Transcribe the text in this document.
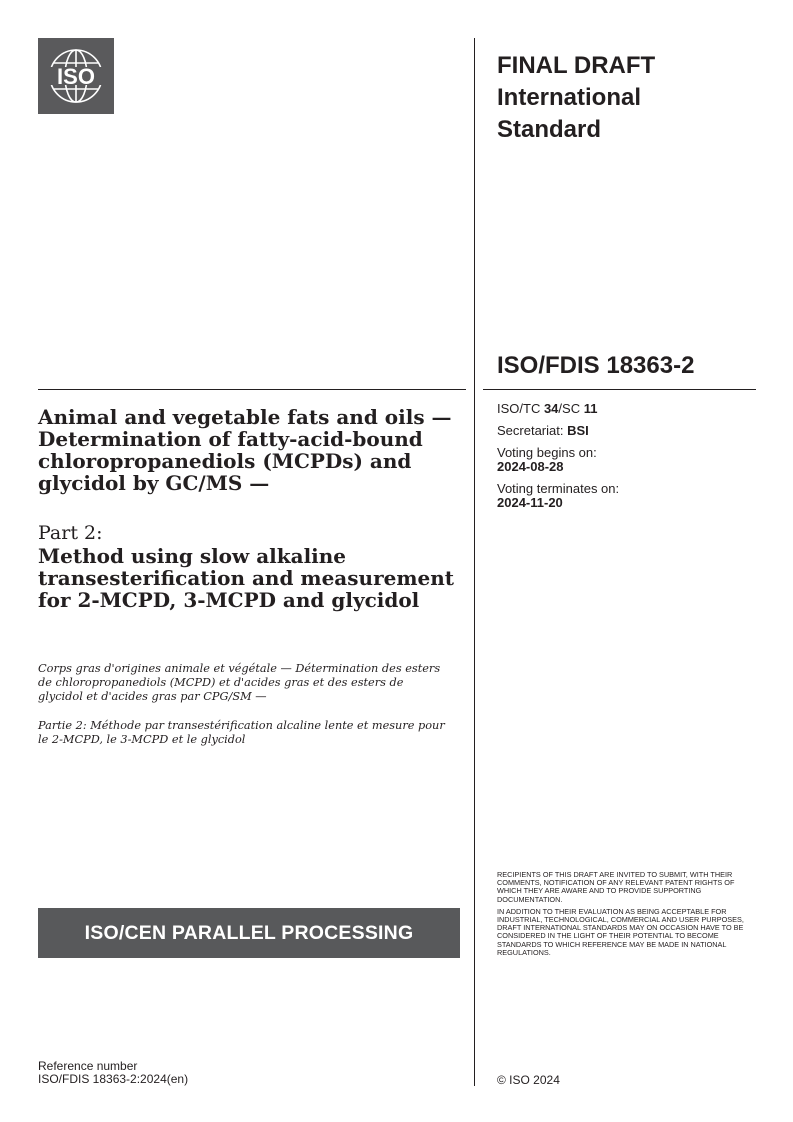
ISO	FINAL DRAFT
International
Standard

ISO/FDIS 18363-2

Animal and vegetable fats and oils — Determination of fatty-acid-bound chloropropanediols (MCPDs) and glycidol by GC/MS —

Part 2:

Method using slow alkaline transesterification and measurement for 2-MCPD, 3-MCPD and glycidol

Corps gras d'origines animale et végétale — Détermination des esters de chloropropanediols (MCPD) et d'acides gras et des esters de glycidol et d'acides gras par CPG/SM —

Partie 2: Méthode par transestérification alcaline lente et mesure pour le 2-MCPD, le 3-MCPD et le glycidol

ISO/TC 34/SC 11

Secretariat: BSI

Voting begins on:

2024-08-28

Voting terminates on:

2024-11-20

ISO/CEN PARALLEL PROCESSING

RECIPIENTS OF THIS DRAFT ARE INVITED TO SUBMIT, WITH THEIR COMMENTS, NOTIFICATION OF ANY RELEVANT PATENT RIGHTS OF WHICH THEY ARE AWARE AND TO PROVIDE SUPPORTING DOCUMENTATION.

IN ADDITION TO THEIR EVALUATION AS BEING ACCEPTABLE FOR INDUSTRIAL, TECHNOLOGICAL, COMMERCIAL AND USER PURPOSES, DRAFT INTERNATIONAL STANDARDS MAY ON OCCASION HAVE TO BE CONSIDERED IN THE LIGHT OF THEIR POTENTIAL TO BECOME STANDARDS TO WHICH REFERENCE MAY BE MADE IN NATIONAL REGULATIONS.

Reference number

ISO/FDIS 18363-2:2024(en)	© ISO 2024
